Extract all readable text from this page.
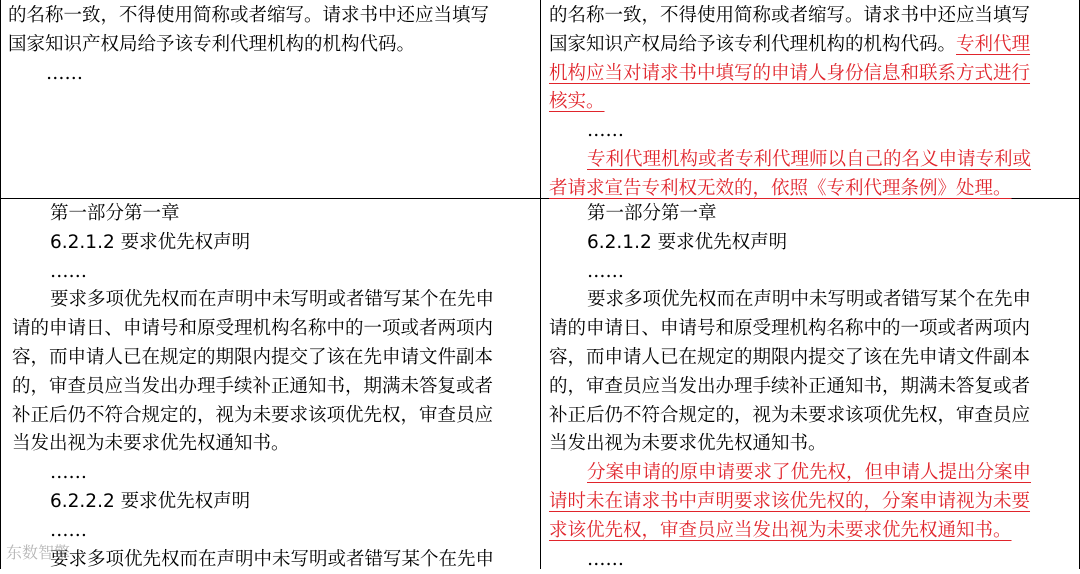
的名称一致，不得使用简称或者缩写。请求书中还应当填写
国家知识产权局给予该专利代理机构的机构代码。
……
的名称一致，不得使用简称或者缩写。请求书中还应当填写
国家知识产权局给予该专利代理机构的机构代码。专利代理
机构应当对请求书中填写的申请人身份信息和联系方式进行
核实。
……
专利代理机构或者专利代理师以自己的名义申请专利或
者请求宣告专利权无效的，依照《专利代理条例》处理。
第一部分第一章
6.2.1.2 要求优先权声明
……
要求多项优先权而在声明中未写明或者错写某个在先申
请的申请日、申请号和原受理机构名称中的一项或者两项内
容，而申请人已在规定的期限内提交了该在先申请文件副本
的，审查员应当发出办理手续补正通知书，期满未答复或者
补正后仍不符合规定的，视为未要求该项优先权，审查员应
当发出视为未要求优先权通知书。
……
6.2.2.2 要求优先权声明
……
要求多项优先权而在声明中未写明或者错写某个在先申
第一部分第一章
6.2.1.2 要求优先权声明
……
要求多项优先权而在声明中未写明或者错写某个在先申
请的申请日、申请号和原受理机构名称中的一项或者两项内
容，而申请人已在规定的期限内提交了该在先申请文件副本
的，审查员应当发出办理手续补正通知书，期满未答复或者
补正后仍不符合规定的，视为未要求该项优先权，审查员应
当发出视为未要求优先权通知书。
分案申请的原申请要求了优先权，但申请人提出分案申
请时未在请求书中声明要求该优先权的，分案申请视为未要
求该优先权，审查员应当发出视为未要求优先权通知书。
……
东数智擎
